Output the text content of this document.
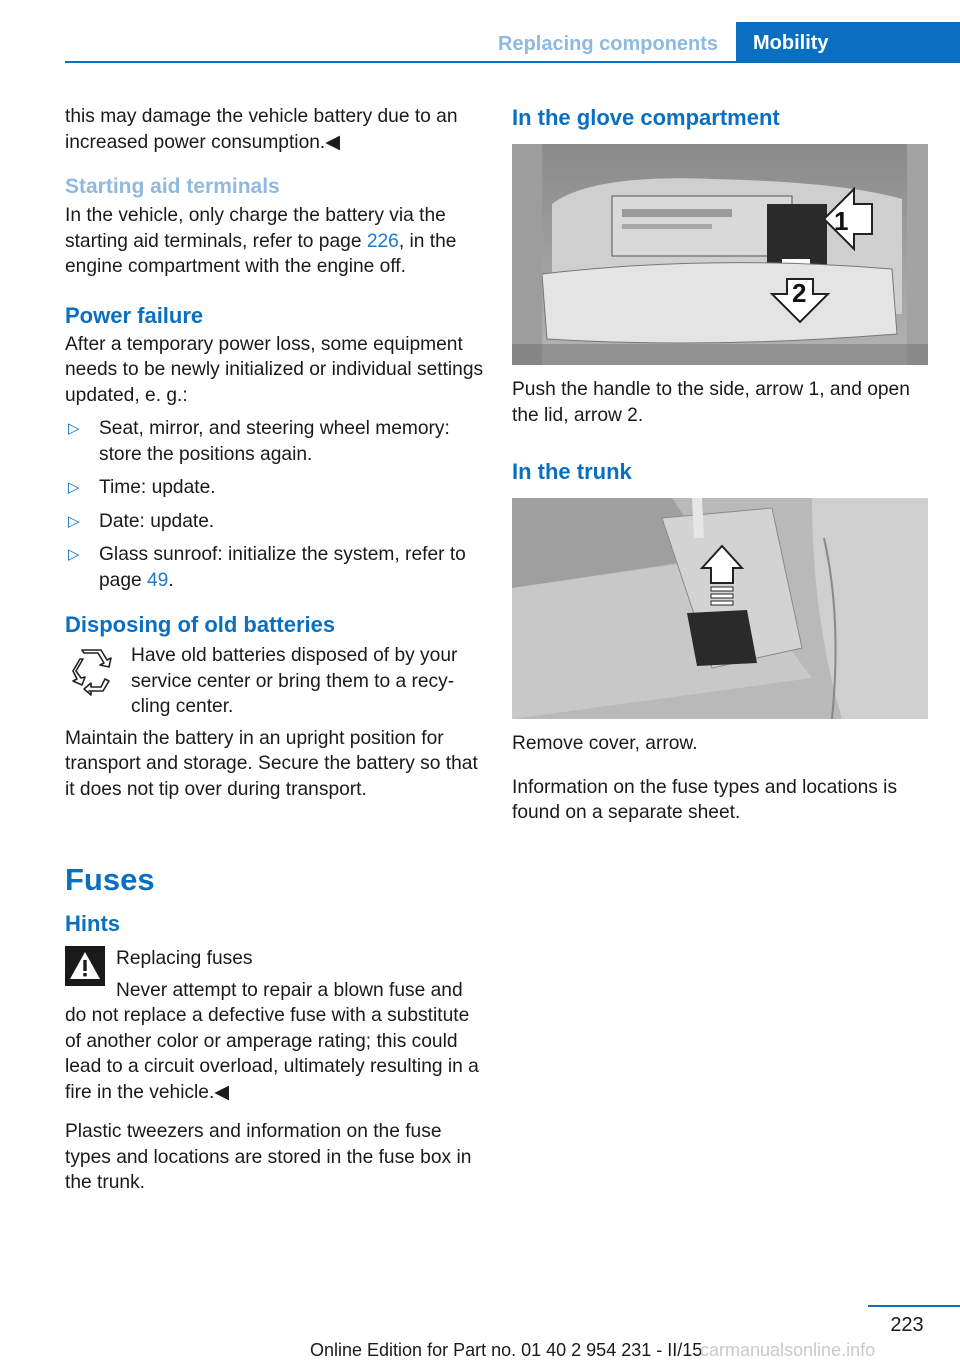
Replacing components	Mobility

this may damage the vehicle battery due to an increased power consumption.◀

Starting aid terminals

In the vehicle, only charge the battery via the starting aid terminals, refer to page 226, in the engine compartment with the engine off.

Power failure

After a temporary power loss, some equipment needs to be newly initialized or individual settings updated, e. g.:

▷ Seat, mirror, and steering wheel memory: store the positions again.
▷ Time: update.
▷ Date: update.
▷ Glass sunroof: initialize the system, refer to page 49.
Disposing of old batteries

Have old batteries disposed of by your service center or bring them to a recycling center.

Maintain the battery in an upright position for transport and storage. Secure the battery so that it does not tip over during transport.

Fuses
Hints

Replacing fuses

Never attempt to repair a blown fuse and do not replace a defective fuse with a substitute of another color or amperage rating; this could lead to a circuit overload, ultimately resulting in a fire in the vehicle.◀

Plastic tweezers and information on the fuse types and locations are stored in the fuse box in the trunk.

In the glove compartment
1
2

Push the handle to the side, arrow 1, and open the lid, arrow 2.

In the trunk

Remove cover, arrow.

Information on the fuse types and locations is found on a separate sheet.

223
Online Edition for Part no. 01 40 2 954 231 - II/15
carmanualsonline.info
